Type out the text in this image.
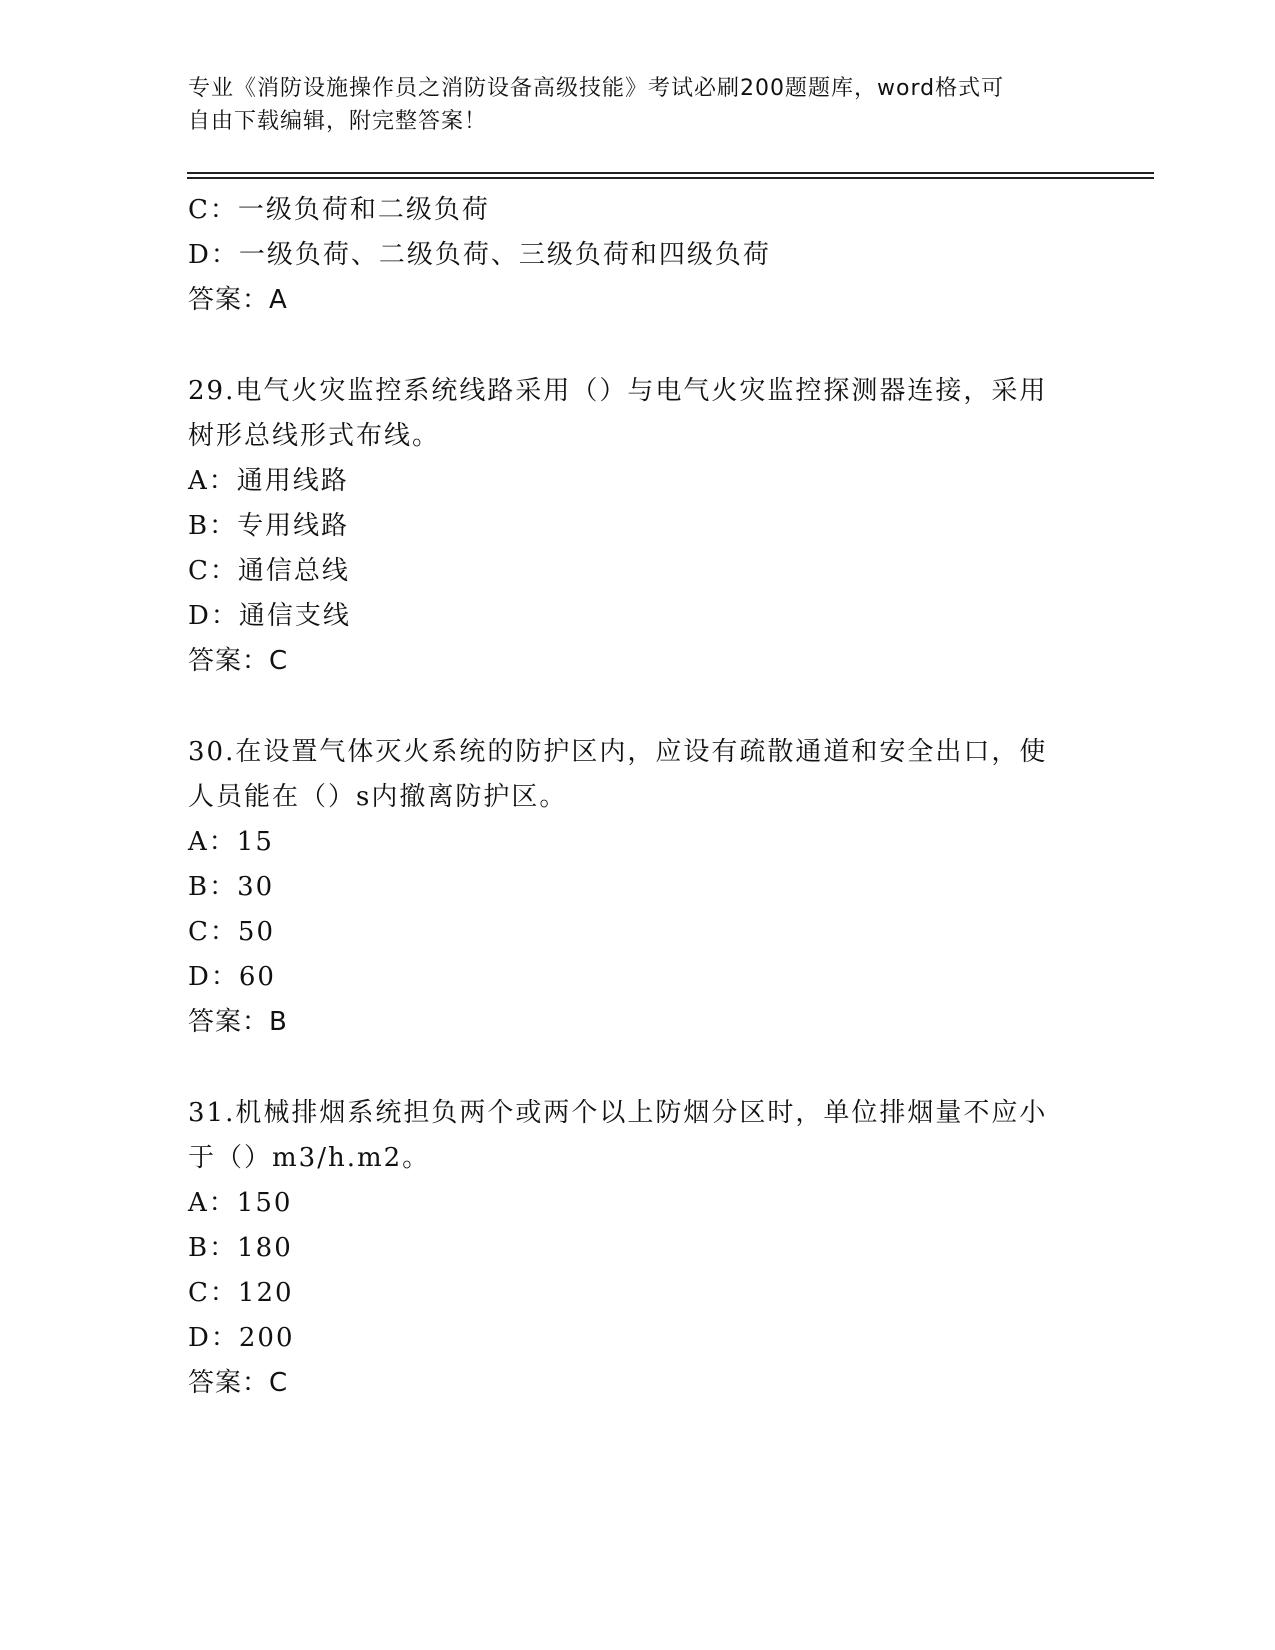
专业《消防设施操作员之消防设备高级技能》考试必刷200题题库，word格式可
自由下载编辑，附完整答案！
C：一级负荷和二级负荷
D：一级负荷、二级负荷、三级负荷和四级负荷
答案：A
29.电气火灾监控系统线路采用（）与电气火灾监控探测器连接，采用
树形总线形式布线。
A：通用线路
B：专用线路
C：通信总线
D：通信支线
答案：C
30.在设置气体灭火系统的防护区内，应设有疏散通道和安全出口，使
人员能在（）s内撤离防护区。
A：15
B：30
C：50
D：60
答案：B
31.机械排烟系统担负两个或两个以上防烟分区时，单位排烟量不应小
于（）m3/h.m2。
A：150
B：180
C：120
D：200
答案：C
